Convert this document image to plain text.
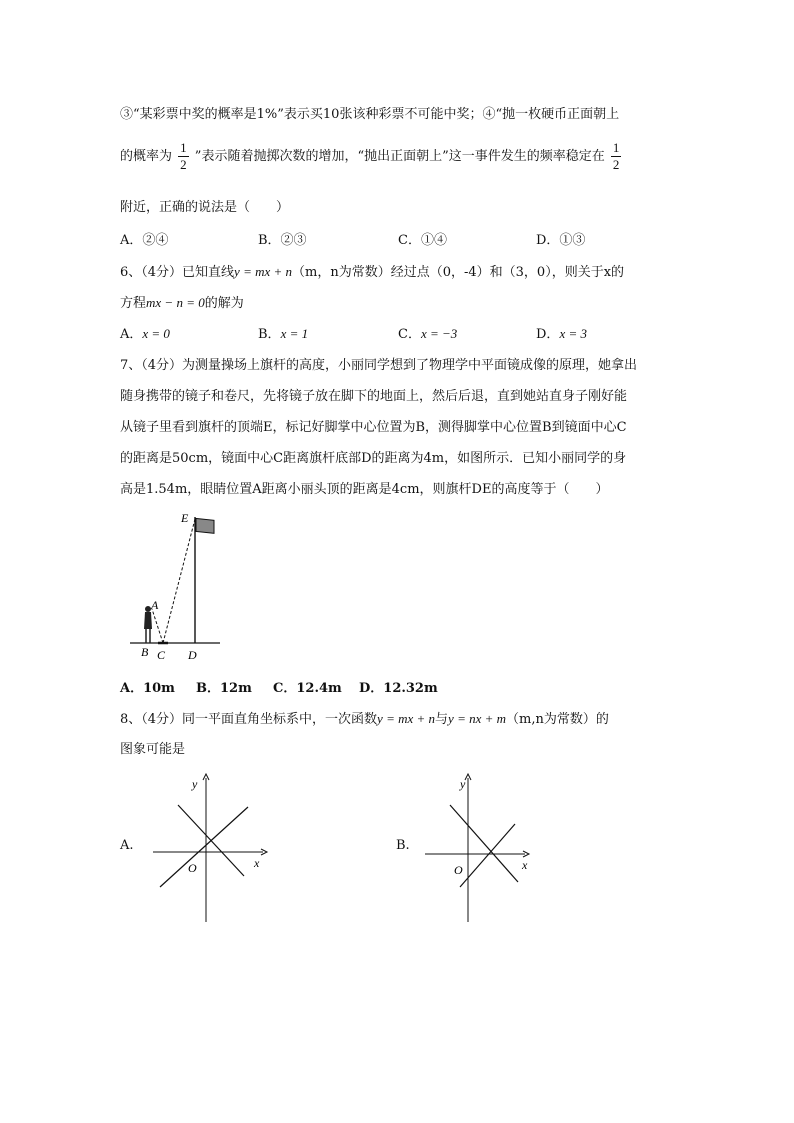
③“某彩票中奖的概率是1%”表示买10张该种彩票不可能中奖；④“抛一枚硬币正面朝上
的概率为 $\frac{1}{2}$ ”表示随着抛掷次数的增加，“抛出正面朝上”这一事件发生的频率稳定在 $\frac{1}{2}$
附近，正确的说法是（　　）
A．②④	B．②③	C．①④	D．①③
6、（4分）已知直线y = mx + n（m，n为常数）经过点（0，-4）和（3，0），则关于x的
方程mx − n = 0的解为
A．x = 0	B．x = 1	C．x = −3	D．x = 3
7、（4分）为测量操场上旗杆的高度，小丽同学想到了物理学中平面镜成像的原理，她拿出
随身携带的镜子和卷尺，先将镜子放在脚下的地面上，然后后退，直到她站直身子刚好能
从镜子里看到旗杆的顶端E，标记好脚掌中心位置为B，测得脚掌中心位置B到镜面中心C
的距离是50cm，镜面中心C距离旗杆底部D的距离为4m，如图所示．已知小丽同学的身
高是1.54m，眼睛位置A距离小丽头顶的距离是4cm，则旗杆DE的高度等于（　　）
E
A
B C D
A．10m B．12m C．12.4m D．12.32m
8、（4分）同一平面直角坐标系中，一次函数y = mx + n与y = nx + m（m,n为常数）的
图象可能是
A.
y
x
O
B.
y
x
O
